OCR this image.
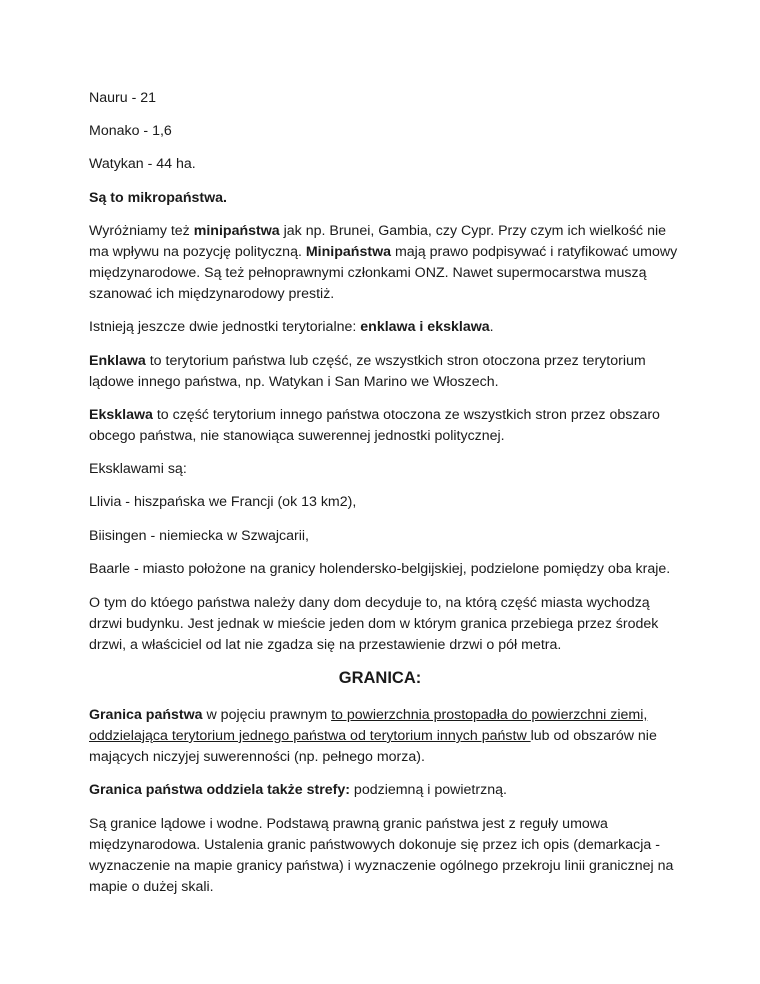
Nauru - 21

Monako - 1,6

Watykan - 44 ha.

Są to mikropaństwa.

Wyróżniamy też minipaństwa jak np. Brunei, Gambia, czy Cypr. Przy czym ich wielkość nie ma wpływu na pozycję polityczną. Minipaństwa mają prawo podpisywać i ratyfikować umowy międzynarodowe. Są też pełnoprawnymi członkami ONZ. Nawet supermocarstwa muszą szanować ich międzynarodowy prestiż.

Istnieją jeszcze dwie jednostki terytorialne: enklawa i eksklawa.

Enklawa to terytorium państwa lub część, ze wszystkich stron otoczona przez terytorium lądowe innego państwa, np. Watykan i San Marino we Włoszech.

Eksklawa to część terytorium innego państwa otoczona ze wszystkich stron przez obszaro obcego państwa, nie stanowiąca suwerennej jednostki politycznej.

Eksklawami są:

Llivia - hiszpańska we Francji (ok 13 km2),

Biisingen - niemiecka w Szwajcarii,

Baarle - miasto położone na granicy holendersko-belgijskiej, podzielone pomiędzy oba kraje.

O tym do któego państwa należy dany dom decyduje to, na którą część miasta wychodzą drzwi budynku. Jest jednak w mieście jeden dom w którym granica przebiega przez środek drzwi, a właściciel od lat nie zgadza się na przestawienie drzwi o pół metra.

GRANICA:

Granica państwa w pojęciu prawnym to powierzchnia prostopadła do powierzchni ziemi, oddzielająca terytorium jednego państwa od terytorium innych państw lub od obszarów nie mających niczyjej suwerenności (np. pełnego morza).

Granica państwa oddziela także strefy: podziemną i powietrzną.

Są granice lądowe i wodne. Podstawą prawną granic państwa jest z reguły umowa międzynarodowa. Ustalenia granic państwowych dokonuje się przez ich opis (demarkacja - wyznaczenie na mapie granicy państwa) i wyznaczenie ogólnego przekroju linii granicznej na mapie o dużej skali.
